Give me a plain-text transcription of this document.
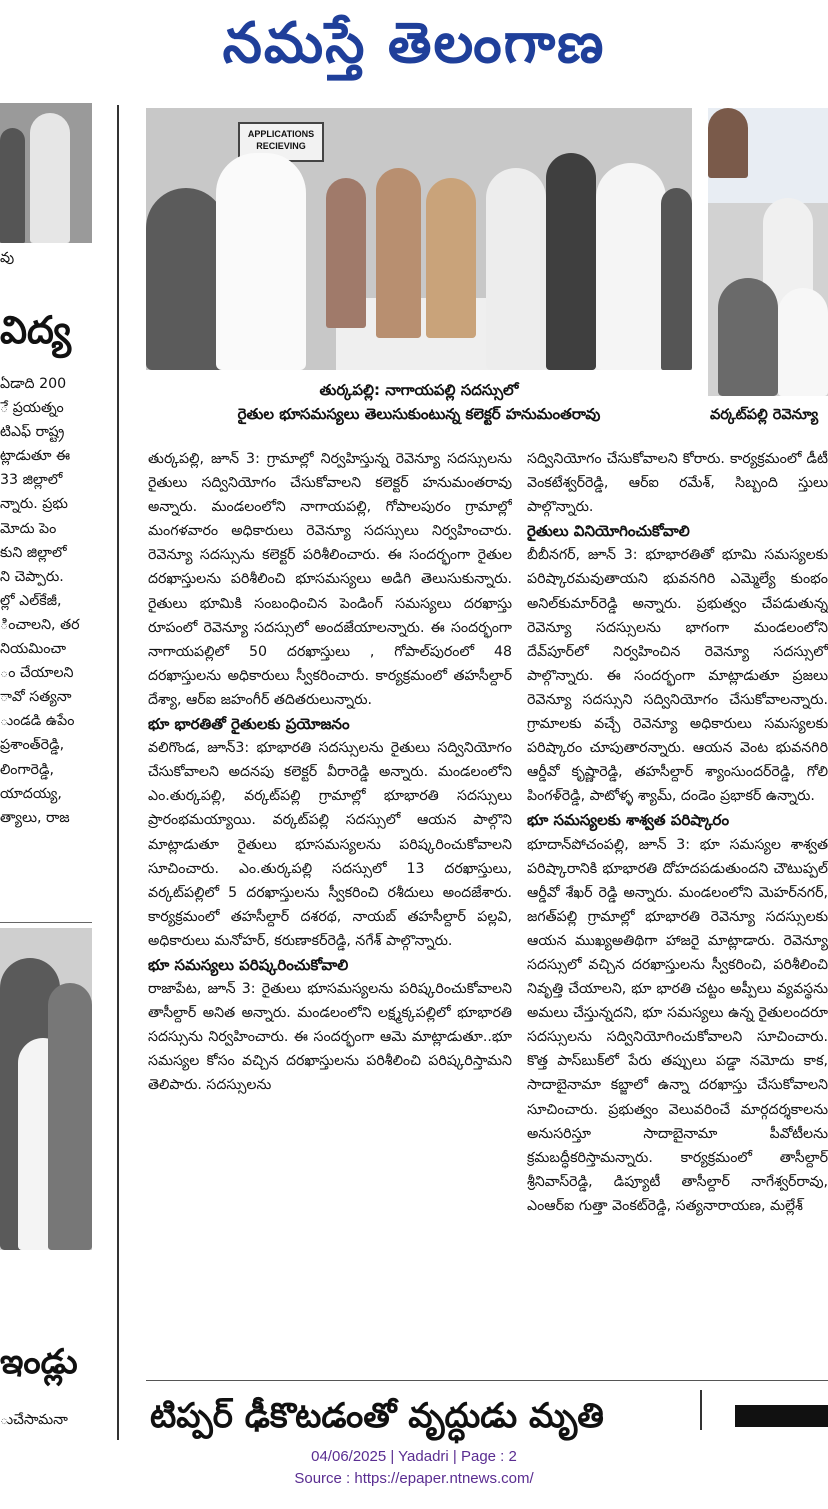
నమస్తే తెలంగాణ
వు
విద్య
ఏడాది 200
ే ప్రయత్నం
టిఎఫ్ రాష్ట్ర
ట్లాడుతూ ఈ
33 జిల్లాలో
న్నారు. ప్రభు
మోదు పెం
కుని జిల్లాలో
ని చెప్పారు.
ల్లో ఎల్‌కేజీ,
ించాలని, తర
నియమించా
ం చేయాలని
ావో సత్యనా
ుండడి ఉపేం
ప్రశాంత్‌రెడ్డి,
లింగారెడ్డి,
యాదయ్య,
త్యాలు, రాజ
ఇండ్లు
ుచేసామనా
APPLICATIONS RECIEVING
తుర్కపల్లి: నాగాయపల్లి సదస్సులో
రైతుల భూసమస్యలు తెలుసుకుంటున్న కలెక్టర్ హనుమంతరావు	వర్కట్‌పల్లి రెవెన్యూ

తుర్కపల్లి, జూన్ 3: గ్రామాల్లో నిర్వహిస్తున్న రెవెన్యూ సదస్సులను రైతులు సద్వినియోగం చేసుకోవాలని కలెక్టర్ హనుమంతరావు అన్నారు. మండలంలోని నాగాయపల్లి, గోపాలపురం గ్రామాల్లో మంగళవారం అధికారులు రెవెన్యూ సదస్సులు నిర్వహించారు. రెవెన్యూ సదస్సును కలెక్టర్ పరిశీలించారు. ఈ సందర్భంగా రైతుల దరఖాస్తులను పరిశీలించి భూసమస్యలు అడిగి తెలుసుకున్నారు. రైతులు భూమికి సంబంధించిన పెండింగ్ సమస్యలు దరఖాస్తు రూపంలో రెవెన్యూ సదస్సులో అందజేయాలన్నారు. ఈ సందర్భంగా నాగాయపల్లిలో 50 దరఖాస్తులు , గోపాల్‌పురంలో 48 దరఖాస్తులను అధికారులు స్వీకరించారు. కార్యక్రమంలో తహసీల్దార్ దేశ్యా, ఆర్ఐ జహంగీర్ తదితరులున్నారు.

భూ భారతితో రైతులకు ప్రయోజనం

వలిగొండ, జూన్3: భూభారతి సదస్సులను రైతులు సద్వినియోగం చేసుకోవాలని అదనపు కలెక్టర్ వీరారెడ్డి అన్నారు. మండలంలోని ఎం.తుర్కపల్లి, వర్కట్‌పల్లి గ్రామాల్లో భూభారతి సదస్సులు ప్రారంభమయ్యాయి. వర్కట్‌పల్లి సదస్సులో ఆయన పాల్గొని మాట్లాడుతూ రైతులు భూసమస్యలను పరిష్కరించుకోవాలని సూచించారు. ఎం.తుర్కపల్లి సదస్సులో 13 దరఖాస్తులు, వర్కట్‌పల్లిలో 5 దరఖాస్తులను స్వీకరించి రశీదులు అందజేశారు. కార్యక్రమంలో తహసీల్దార్ దశరథ, నాయబ్ తహసీల్దార్ పల్లవి, అధికారులు మనోహర్, కరుణాకర్‌రెడ్డి, నగేశ్ పాల్గొన్నారు.

భూ సమస్యలు పరిష్కరించుకోవాలి

రాజాపేట, జూన్ 3: రైతులు భూసమస్యలను పరిష్కరించుకోవాలని తాసీల్దార్ అనిత అన్నారు. మండలంలోని లక్ష్మక్కపల్లిలో భూభారతి సదస్సును నిర్వహించారు. ఈ సందర్భంగా ఆమె మాట్లాడుతూ..భూ సమస్యల కోసం వచ్చిన దరఖాస్తులను పరిశీలించి పరిష్కరిస్తామని తెలిపారు. సదస్సులను

సద్వినియోగం చేసుకోవాలని కోరారు. కార్యక్రమంలో డీటీ వెంకటేశ్వర్‌రెడ్డి, ఆర్ఐ రమేశ్, సిబ్బంది స్తులు పాల్గొన్నారు.

రైతులు వినియోగించుకోవాలి

బీబీనగర్, జూన్ 3: భూభారతితో భూమి సమస్యలకు పరిష్కారమవుతాయని భువనగిరి ఎమ్మెల్యే కుంభం అనిల్‌కుమార్‌రెడ్డి అన్నారు. ప్రభుత్వం చేపడుతున్న రెవెన్యూ సదస్సులను భాగంగా మండలంలోని దేవ్‌పూర్‌లో నిర్వహించిన రెవెన్యూ సదస్సులో పాల్గొన్నారు. ఈ సందర్భంగా మాట్లాడుతూ ప్రజలు రెవెన్యూ సదస్సుని సద్వినియోగం చేసుకోవాలన్నారు. గ్రామాలకు వచ్చే రెవెన్యూ అధికారులు సమస్యలకు పరిష్కారం చూపుతారన్నారు. ఆయన వెంట భువనగిరి ఆర్డీవో కృష్ణారెడ్డి, తహసీల్దార్ శ్యాంసుందర్‌రెడ్డి, గోలి పింగళ్‌రెడ్డి, పాటోళ్ళ శ్యామ్, దండెం ప్రభాకర్ ఉన్నారు.

భూ సమస్యలకు శాశ్వత పరిష్కారం

భూదాన్‌పోచంపల్లి, జూన్ 3: భూ సమస్యల శాశ్వత పరిష్కారానికి భూభారతి దోహదపడుతుందని చౌటుప్పల్ ఆర్డీవో శేఖర్ రెడ్డి అన్నారు. మండలంలోని మెహర్‌నగర్, జగత్‌పల్లి గ్రామాల్లో భూభారతి రెవెన్యూ సదస్సులకు ఆయన ముఖ్యఅతిథిగా హాజరై మాట్లాడారు. రెవెన్యూ సదస్సులో వచ్చిన దరఖాస్తులను స్వీకరించి, పరిశీలించి నివృత్తి చేయాలని, భూ భారతి చట్టం అప్పీలు వ్యవస్థను అమలు చేస్తున్నదని, భూ సమస్యలు ఉన్న రైతులందరూ సదస్సులను సద్వినియోగించుకోవాలని సూచించారు. కొత్త పాస్‌బుక్‌లో పేరు తప్పులు పడ్డా నమోదు కాక, సాదాబైనామా కబ్జాలో ఉన్నా దరఖాస్తు చేసుకోవాలని సూచించారు. ప్రభుత్వం వెలువరించే మార్గదర్శకాలను అనుసరిస్తూ సాదాబైనామా పీవోటీలను క్రమబద్ధీకరిస్తామన్నారు. కార్యక్రమంలో తాసీల్దార్ శ్రీనివాస్‌రెడ్డి, డిప్యూటీ తాసీల్దార్ నాగేశ్వర్‌రావు, ఎంఆర్ఐ గుత్తా వెంకట్‌రెడ్డి, సత్యనారాయణ, మల్లేశ్

టిప్పర్ ఢీకొటడంతో వృద్ధుడు మృతి
04/06/2025 | Yadadri | Page : 2
Source : https://epaper.ntnews.com/
